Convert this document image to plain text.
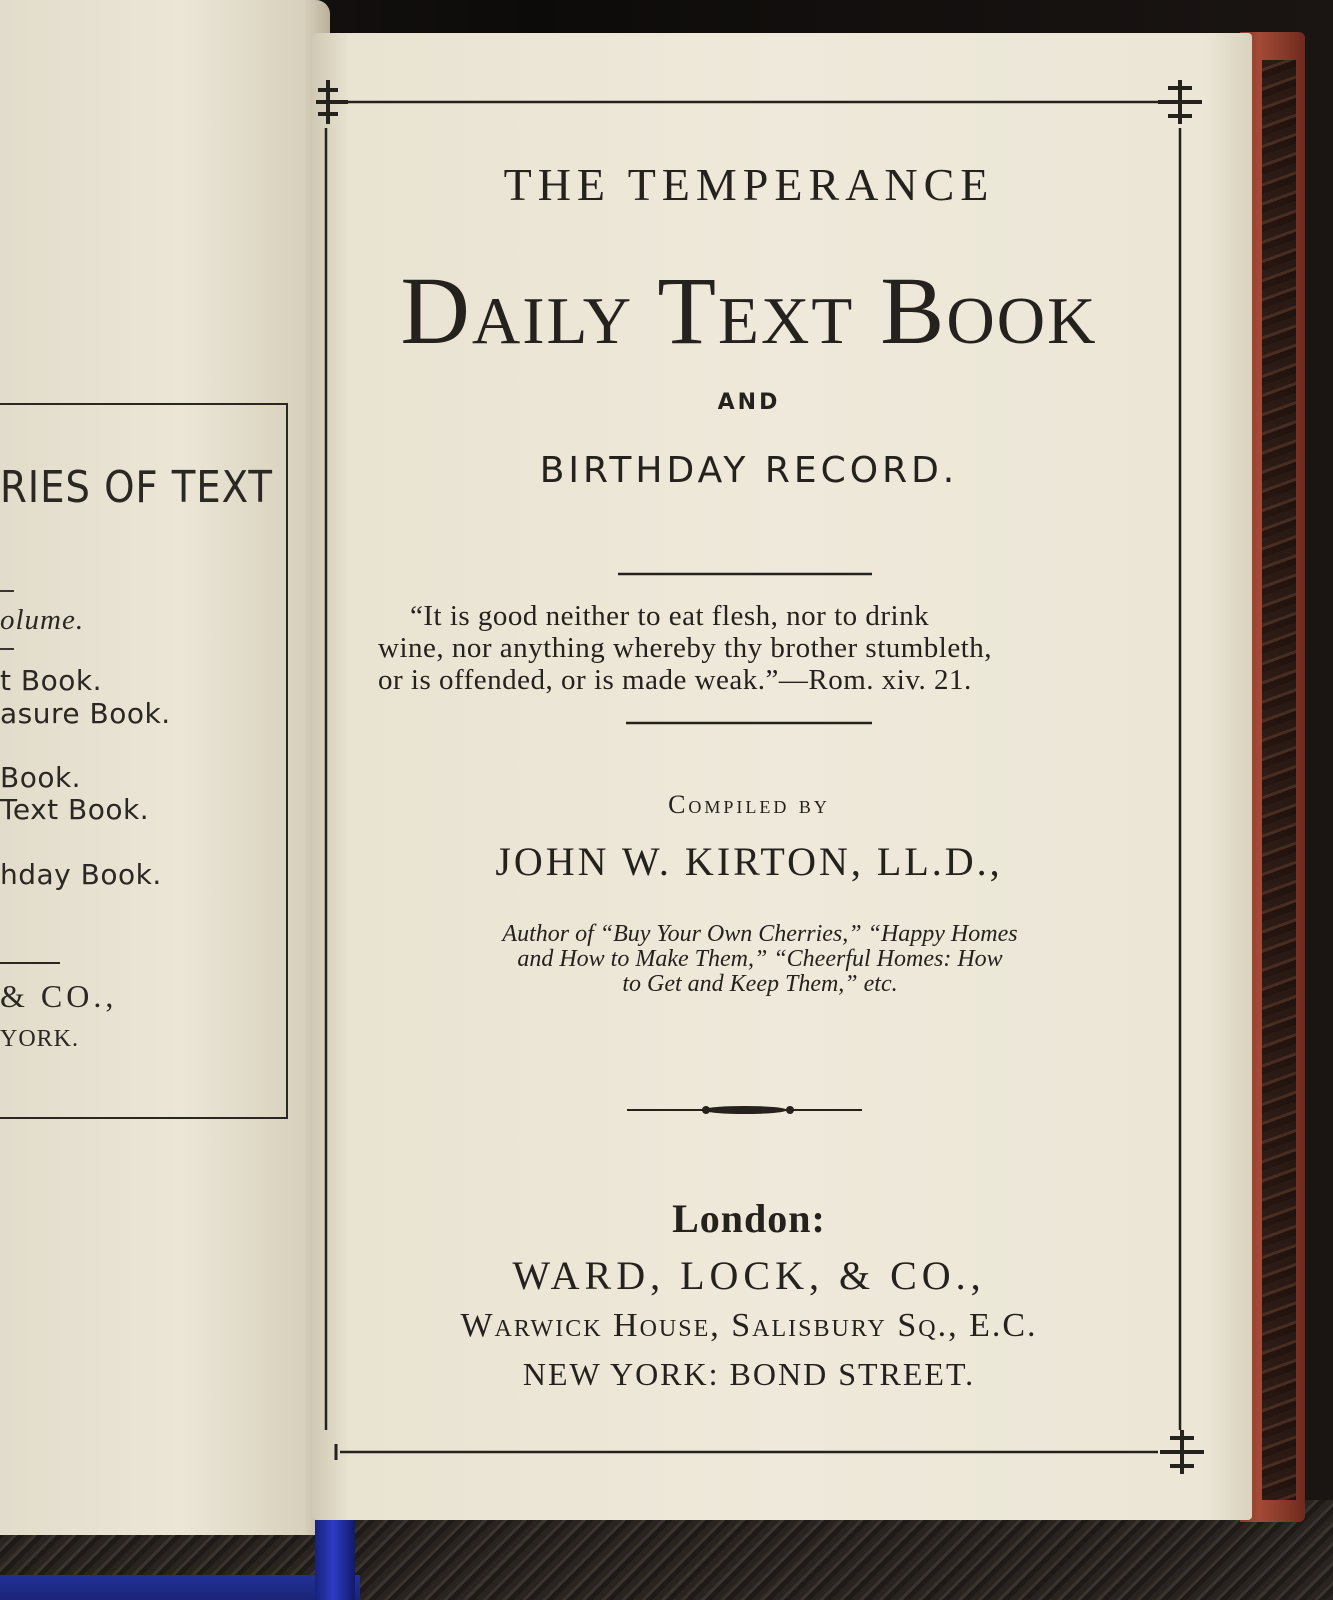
RIES OF TEXT
olume.
t Book.
asure Book.
Book.
Text Book.
hday Book.
& CO.,
YORK.
THE TEMPERANCE
Daily Text Book
AND
BIRTHDAY RECORD.
“It is good neither to eat flesh, nor to drink
wine, nor anything whereby thy brother stumbleth,
or is offended, or is made weak.”—Rom. xiv. 21.
Compiled by
JOHN W. KIRTON, LL.D.,
Author of “Buy Your Own Cherries,” “Happy Homes
and How to Make Them,” “Cheerful Homes: How
to Get and Keep Them,” etc.
London:
WARD, LOCK, & CO.,
Warwick House, Salisbury Sq., E.C.
NEW YORK: BOND STREET.
